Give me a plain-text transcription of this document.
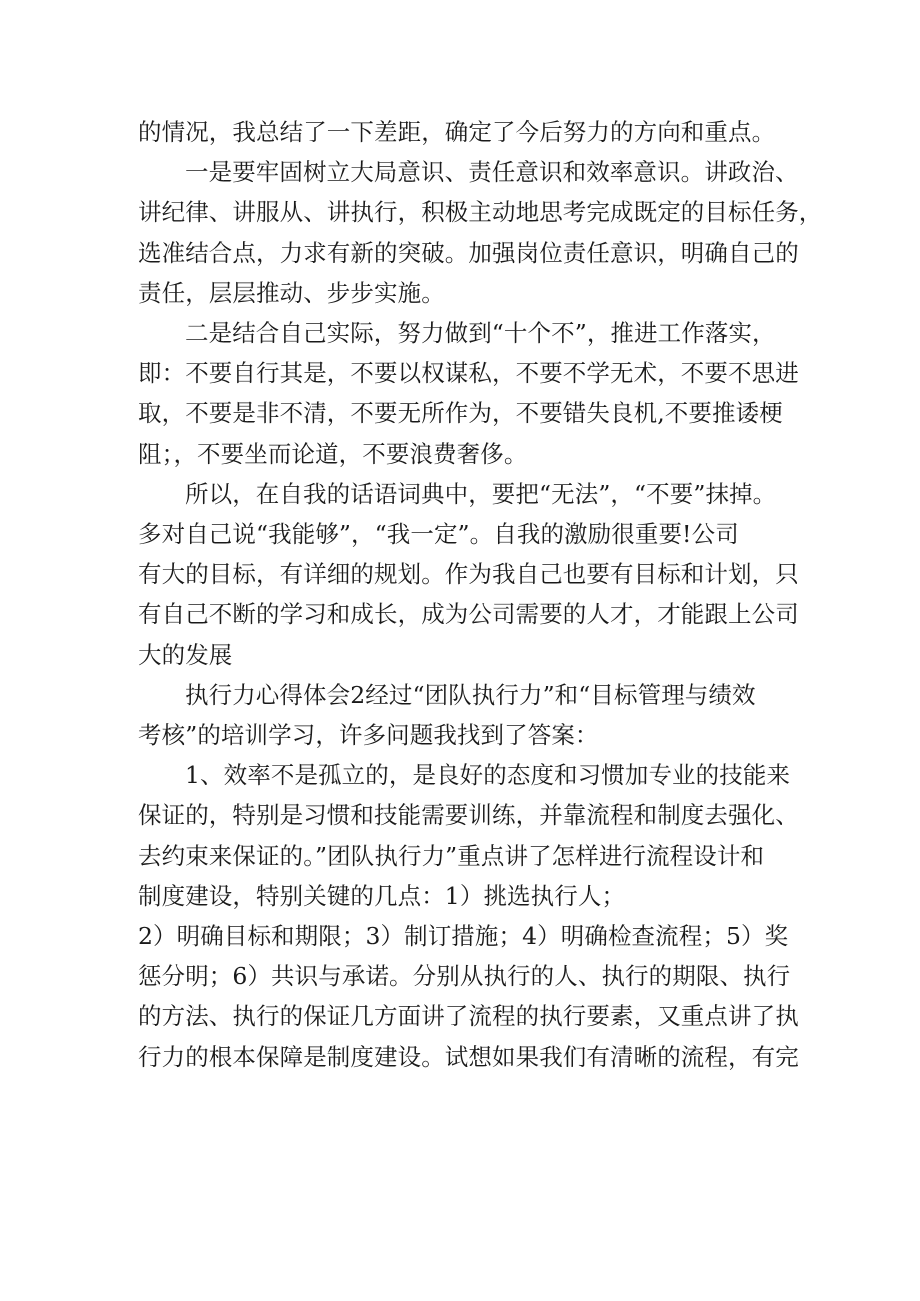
的情况，我总结了一下差距，确定了今后努力的方向和重点。

一是要牢固树立大局意识、责任意识和效率意识。讲政治、
讲纪律、讲服从、讲执行，积极主动地思考完成既定的目标任务，
选准结合点，力求有新的突破。加强岗位责任意识，明确自己的
责任，层层推动、步步实施。

二是结合自己实际，努力做到“十个不”，推进工作落实，
即：不要自行其是，不要以权谋私，不要不学无术，不要不思进
取，不要是非不清，不要无所作为，不要错失良机,不要推诿梗
阻；，不要坐而论道，不要浪费奢侈。

所以，在自我的话语词典中，要把“无法”，“不要”抹掉。
多对自己说“我能够”，“我一定”。自我的激励很重要!公司
有大的目标，有详细的规划。作为我自己也要有目标和计划，只
有自己不断的学习和成长，成为公司需要的人才，才能跟上公司
大的发展

执行力心得体会2经过“团队执行力”和“目标管理与绩效
考核”的培训学习，许多问题我找到了答案：

1、效率不是孤立的，是良好的态度和习惯加专业的技能来
保证的，特别是习惯和技能需要训练，并靠流程和制度去强化、
去约束来保证的。”团队执行力”重点讲了怎样进行流程设计和
制度建设，特别关键的几点：1）挑选执行人；

2）明确目标和期限；3）制订措施；4）明确检查流程；5）奖
惩分明；6）共识与承诺。分别从执行的人、执行的期限、执行
的方法、执行的保证几方面讲了流程的执行要素，又重点讲了执
行力的根本保障是制度建设。试想如果我们有清晰的流程，有完
